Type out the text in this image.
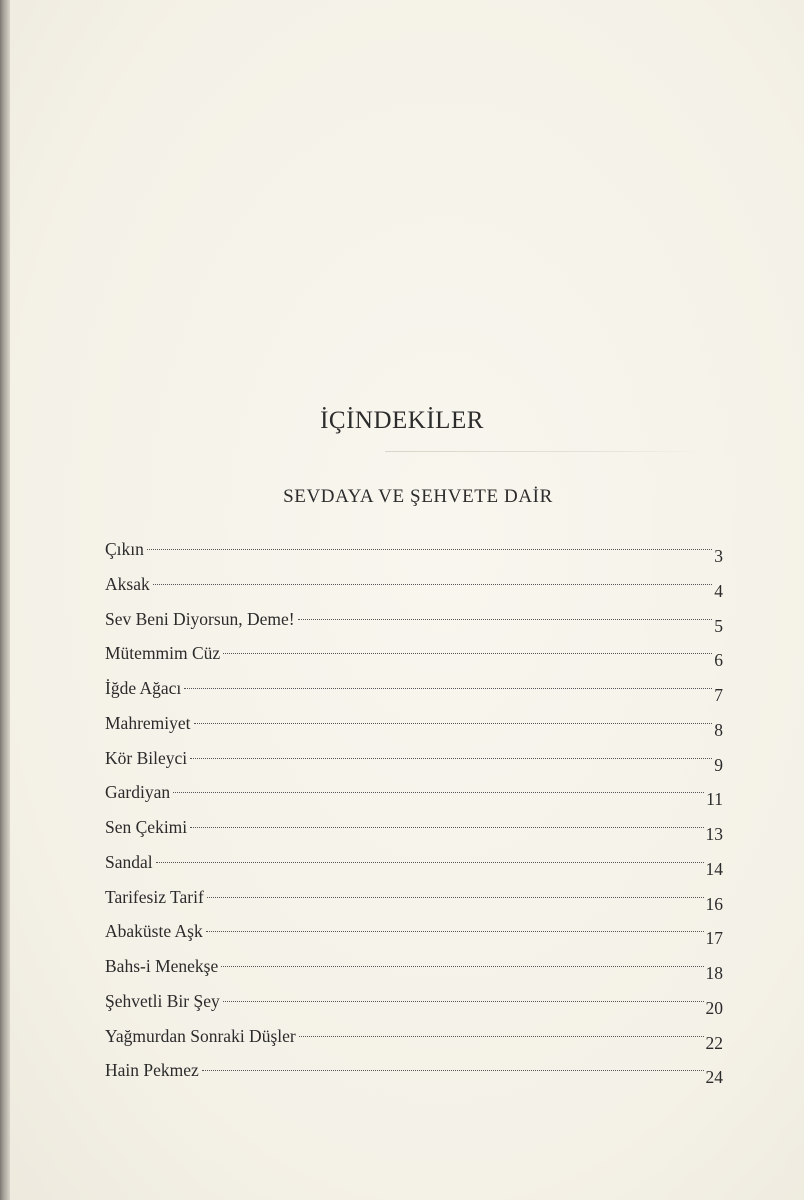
İÇİNDEKİLER
SEVDAYA VE ŞEHVETE DAİR
Çıkın	3
Aksak	4
Sev Beni Diyorsun, Deme!	5
Mütemmim Cüz	6
İğde Ağacı	7
Mahremiyet	8
Kör Bileyci	9
Gardiyan	11
Sen Çekimi	13
Sandal	14
Tarifesiz Tarif	16
Abaküste Aşk	17
Bahs-i Menekşe	18
Şehvetli Bir Şey	20
Yağmurdan Sonraki Düşler	22
Hain Pekmez	24
